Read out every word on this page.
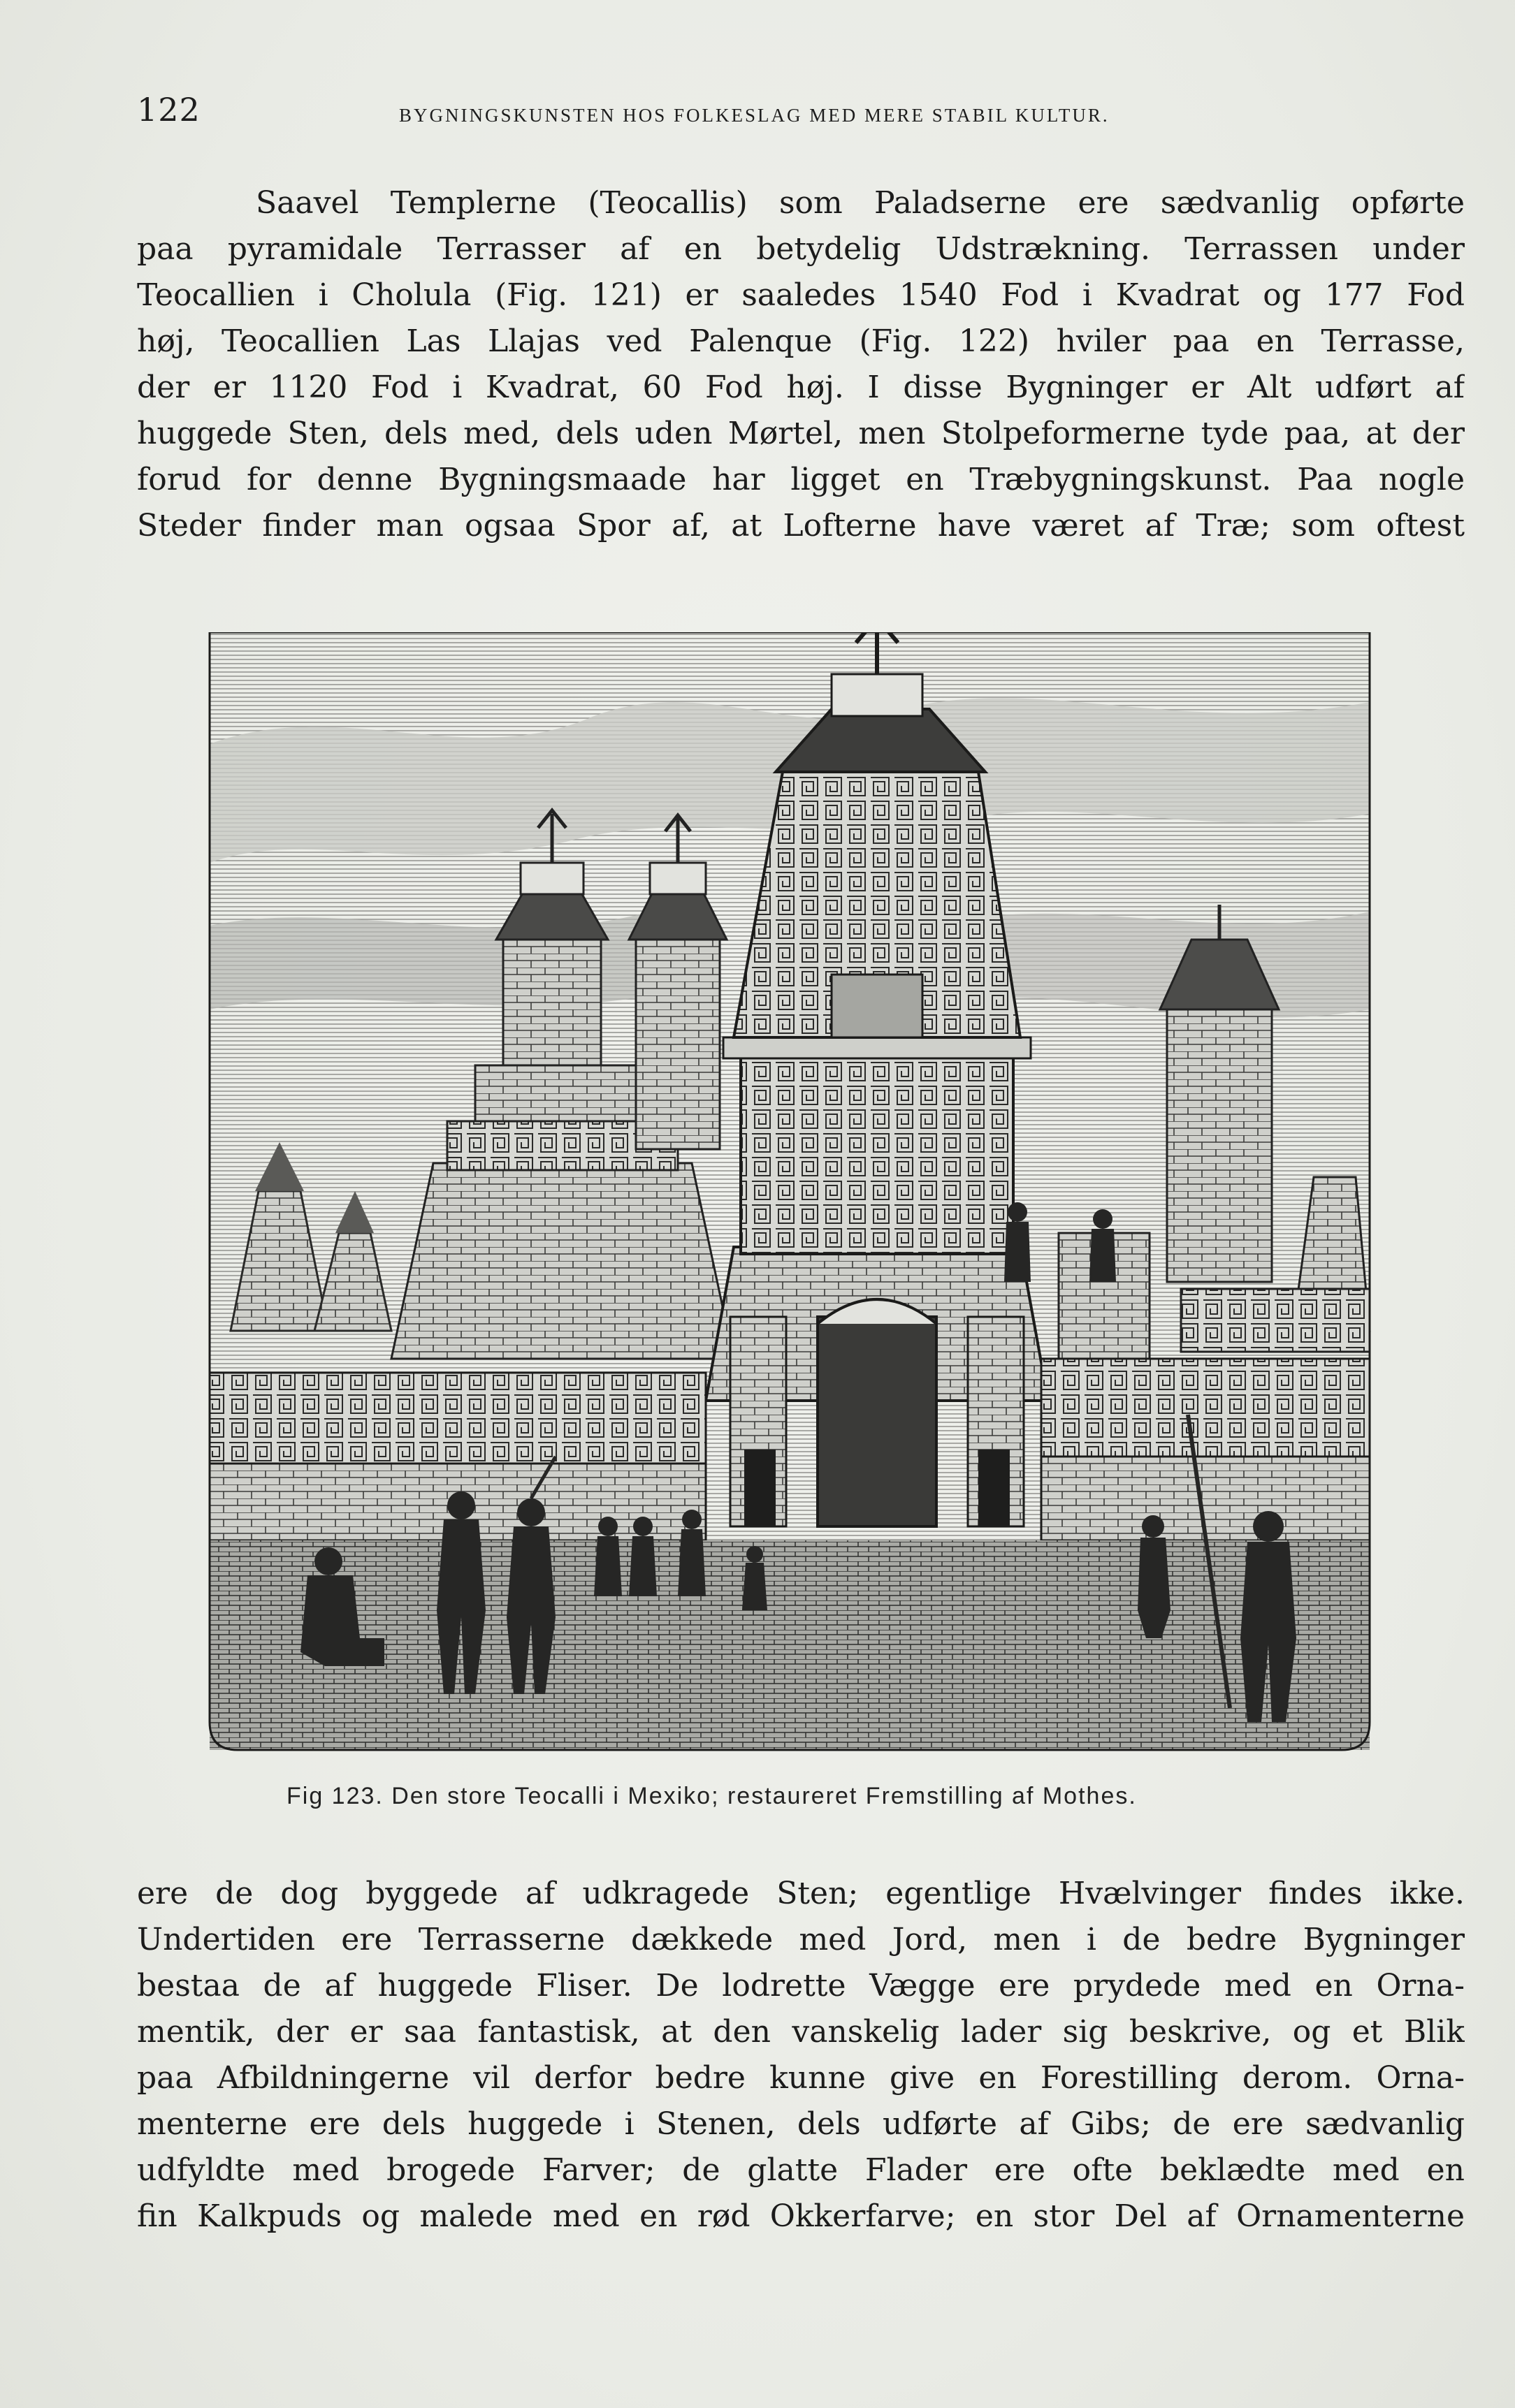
122	BYGNINGSKUNSTEN HOS FOLKESLAG MED MERE STABIL KULTUR.
Saavel Templerne (Teocallis) som Paladserne ere sædvanlig opførte
paa pyramidale Terrasser af en betydelig Udstrækning. Terrassen under
Teocallien i Cholula (Fig. 121) er saaledes 1540 Fod i Kvadrat og 177 Fod
høj, Teocallien Las Llajas ved Palenque (Fig. 122) hviler paa en Terrasse,
der er 1120 Fod i Kvadrat, 60 Fod høj. I disse Bygninger er Alt udført af
huggede Sten, dels med, dels uden Mørtel, men Stolpeformerne tyde paa, at der
forud for denne Bygningsmaade har ligget en Træbygningskunst. Paa nogle
Steder finder man ogsaa Spor af, at Lofterne have været af Træ; som oftest
Fig 123. Den store Teocalli i Mexiko; restaureret Fremstilling af Mothes.
ere de dog byggede af udkragede Sten; egentlige Hvælvinger findes ikke.
Undertiden ere Terrasserne dækkede med Jord, men i de bedre Bygninger
bestaa de af huggede Fliser. De lodrette Vægge ere prydede med en Orna-
mentik, der er saa fantastisk, at den vanskelig lader sig beskrive, og et Blik
paa Afbildningerne vil derfor bedre kunne give en Forestilling derom. Orna-
menterne ere dels huggede i Stenen, dels udførte af Gibs; de ere sædvanlig
udfyldte med brogede Farver; de glatte Flader ere ofte beklædte med en
fin Kalkpuds og malede med en rød Okkerfarve; en stor Del af Ornamenterne
